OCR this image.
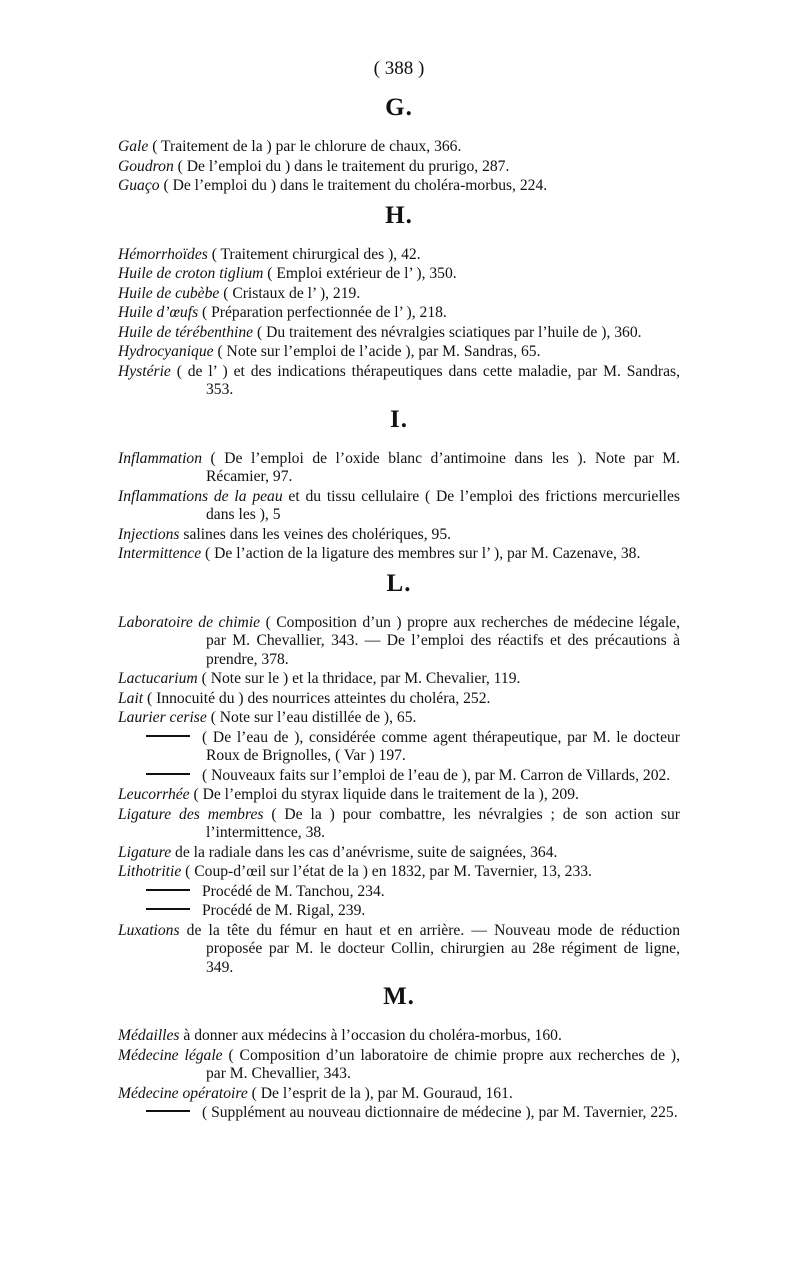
( 388 )
G.

Gale ( Traitement de la ) par le chlorure de chaux, 366.

Goudron ( De l’emploi du ) dans le traitement du prurigo, 287.

Guaço ( De l’emploi du ) dans le traitement du choléra-morbus, 224.

H.

Hémorrhoïdes ( Traitement chirurgical des ), 42.

Huile de croton tiglium ( Emploi extérieur de l’ ), 350.

Huile de cubèbe ( Cristaux de l’ ), 219.

Huile d’œufs ( Préparation perfectionnée de l’ ), 218.

Huile de térébenthine ( Du traitement des névralgies sciatiques par l’huile de ), 360.

Hydrocyanique ( Note sur l’emploi de l’acide ), par M. Sandras, 65.

Hystérie ( de l’ ) et des indications thérapeutiques dans cette maladie, par M. Sandras, 353.

I.

Inflammation ( De l’emploi de l’oxide blanc d’antimoine dans les ). Note par M. Récamier, 97.

Inflammations de la peau et du tissu cellulaire ( De l’emploi des frictions mercurielles dans les ), 5

Injections salines dans les veines des cholériques, 95.

Intermittence ( De l’action de la ligature des membres sur l’ ), par M. Cazenave, 38.

L.

Laboratoire de chimie ( Composition d’un ) propre aux recherches de médecine légale, par M. Chevallier, 343. — De l’emploi des réactifs et des précautions à prendre, 378.

Lactucarium ( Note sur le ) et la thridace, par M. Chevalier, 119.

Lait ( Innocuité du ) des nourrices atteintes du choléra, 252.

Laurier cerise ( Note sur l’eau distillée de ), 65.

( De l’eau de ), considérée comme agent thérapeutique, par M. le docteur Roux de Brignolles, ( Var ) 197.

( Nouveaux faits sur l’emploi de l’eau de ), par M. Carron de Villards, 202.

Leucorrhée ( De l’emploi du styrax liquide dans le traitement de la ), 209.

Ligature des membres ( De la ) pour combattre, les névralgies ; de son action sur l’intermittence, 38.

Ligature de la radiale dans les cas d’anévrisme, suite de saignées, 364.

Lithotritie ( Coup-d’œil sur l’état de la ) en 1832, par M. Tavernier, 13, 233.

Procédé de M. Tanchou, 234.

Procédé de M. Rigal, 239.

Luxations de la tête du fémur en haut et en arrière. — Nouveau mode de réduction proposée par M. le docteur Collin, chirurgien au 28e régiment de ligne, 349.

M.

Médailles à donner aux médecins à l’occasion du choléra-morbus, 160.

Médecine légale ( Composition d’un laboratoire de chimie propre aux recherches de ), par M. Chevallier, 343.

Médecine opératoire ( De l’esprit de la ), par M. Gouraud, 161.

( Supplément au nouveau dictionnaire de médecine ), par M. Tavernier, 225.
